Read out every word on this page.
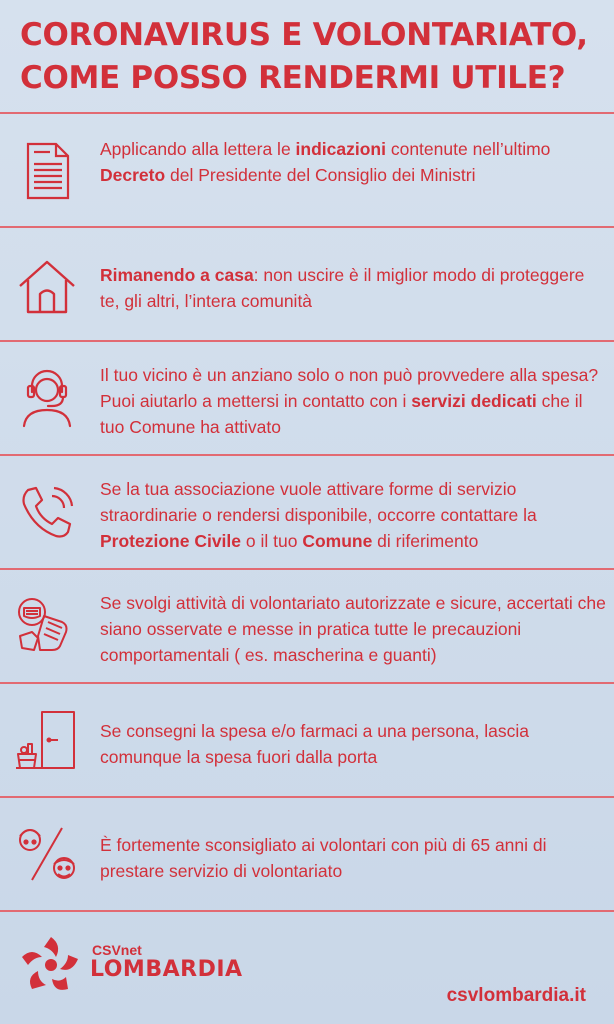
CORONAVIRUS E VOLONTARIATO,
COME POSSO RENDERMI UTILE?
Applicando alla lettera le indicazioni contenute nell’ultimo Decreto del Presidente del Consiglio dei Ministri
Rimanendo a casa: non uscire è il miglior modo di proteggere te, gli altri, l’intera comunità
Il tuo vicino è un anziano solo o non può provvedere alla spesa? Puoi aiutarlo a mettersi in contatto con i servizi dedicati che il tuo Comune ha attivato
Se la tua associazione vuole attivare forme di servizio straordinarie o rendersi disponibile, occorre contattare la Protezione Civile o il tuo Comune di riferimento
Se svolgi attività di volontariato autorizzate e sicure, accertati che siano osservate e messe in pratica tutte le precauzioni comportamentali ( es. mascherina e guanti)
Se consegni la spesa e/o farmaci a una persona, lascia comunque la spesa fuori dalla porta
È fortemente sconsigliato ai volontari con più di 65 anni di prestare servizio di volontariato
CSVnet
LOMBARDIA
csvlombardia.it
